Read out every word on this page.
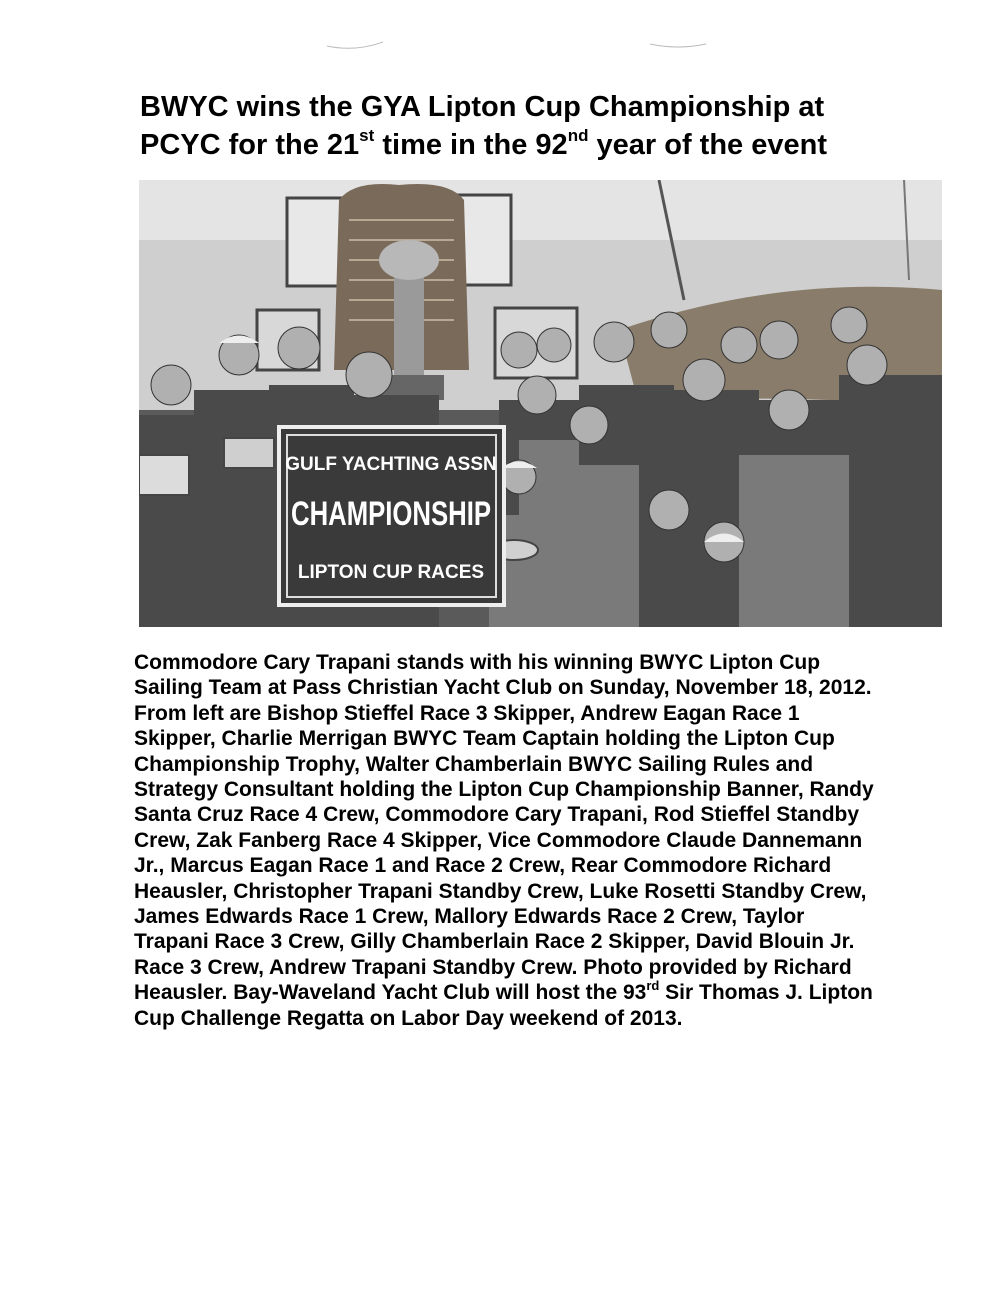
BWYC wins the GYA Lipton Cup Championship at
PCYC for the 21st time in the 92nd year of the event
GULF YACHTING ASSN
CHAMPIONSHIP
LIPTON CUP RACES

Commodore Cary Trapani stands with his winning BWYC Lipton Cup Sailing Team at Pass Christian Yacht Club on Sunday, November 18, 2012. From left are Bishop Stieffel Race 3 Skipper, Andrew Eagan Race 1 Skipper, Charlie Merrigan BWYC Team Captain holding the Lipton Cup Championship Trophy, Walter Chamberlain BWYC Sailing Rules and Strategy Consultant holding the Lipton Cup Championship Banner, Randy Santa Cruz Race 4 Crew, Commodore Cary Trapani, Rod Stieffel Standby Crew, Zak Fanberg Race 4 Skipper, Vice Commodore Claude Dannemann Jr., Marcus Eagan Race 1 and Race 2 Crew, Rear Commodore Richard Heausler, Christopher Trapani Standby Crew, Luke Rosetti Standby Crew, James Edwards Race 1 Crew, Mallory Edwards Race 2 Crew, Taylor Trapani Race 3 Crew, Gilly Chamberlain Race 2 Skipper, David Blouin Jr. Race 3 Crew, Andrew Trapani Standby Crew. Photo provided by Richard Heausler. Bay-Waveland Yacht Club will host the 93rd Sir Thomas J. Lipton Cup Challenge Regatta on Labor Day weekend of 2013.
